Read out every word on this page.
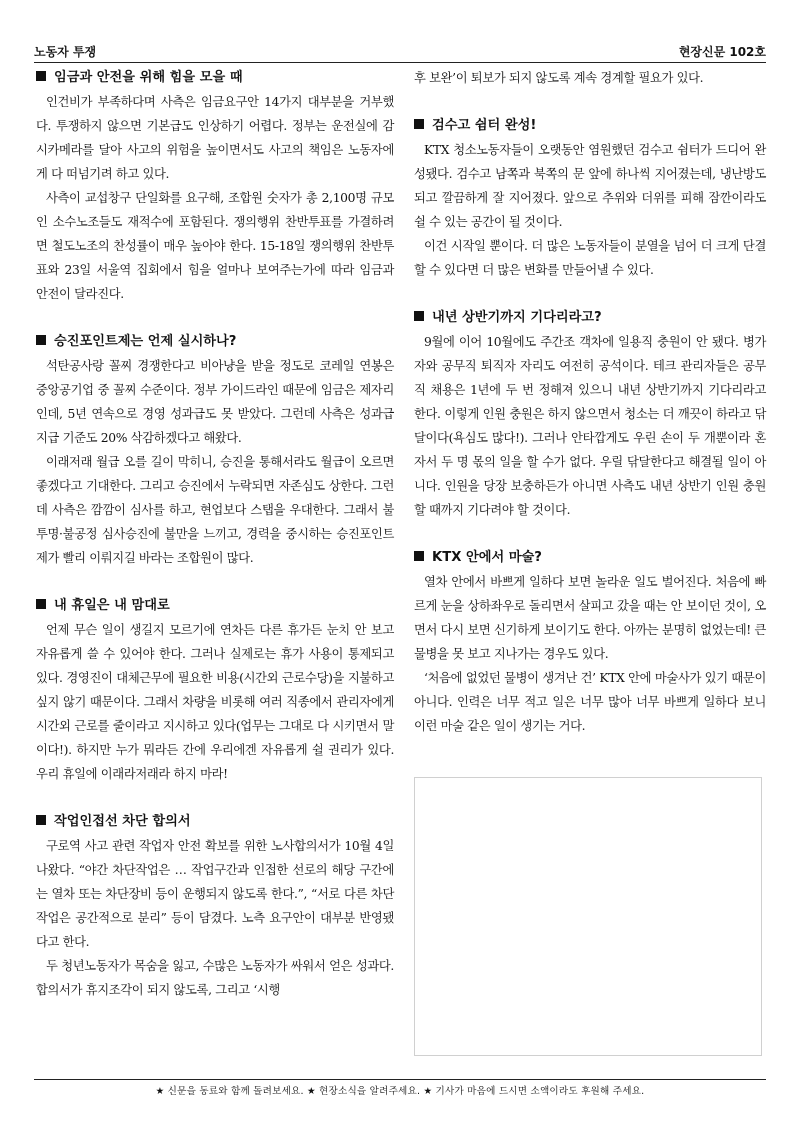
노동자 투쟁	현장신문 102호

임금과 안전을 위해 힘을 모을 때

인건비가 부족하다며 사측은 임금요구안 14가지 대부분을 거부했다. 투쟁하지 않으면 기본급도 인상하기 어렵다. 정부는 운전실에 감시카메라를 달아 사고의 위험을 높이면서도 사고의 책임은 노동자에게 다 떠넘기려 하고 있다.

사측이 교섭창구 단일화를 요구해, 조합원 숫자가 총 2,100명 규모인 소수노조들도 재적수에 포함된다. 쟁의행위 찬반투표를 가결하려면 철도노조의 찬성률이 매우 높아야 한다. 15-18일 쟁의행위 찬반투표와 23일 서울역 집회에서 힘을 얼마나 보여주는가에 따라 임금과 안전이 달라진다.

승진포인트제는 언제 실시하나?

석탄공사랑 꼴찌 경쟁한다고 비아냥을 받을 정도로 코레일 연봉은 중앙공기업 중 꼴찌 수준이다. 정부 가이드라인 때문에 임금은 제자리인데, 5년 연속으로 경영 성과급도 못 받았다. 그런데 사측은 성과급 지급 기준도 20% 삭감하겠다고 해왔다.

이래저래 월급 오를 길이 막히니, 승진을 통해서라도 월급이 오르면 좋겠다고 기대한다. 그리고 승진에서 누락되면 자존심도 상한다. 그런데 사측은 깜깜이 심사를 하고, 현업보다 스탭을 우대한다. 그래서 불투명·불공정 심사승진에 불만을 느끼고, 경력을 중시하는 승진포인트제가 빨리 이뤄지길 바라는 조합원이 많다.

내 휴일은 내 맘대로

언제 무슨 일이 생길지 모르기에 연차든 다른 휴가든 눈치 안 보고 자유롭게 쓸 수 있어야 한다. 그러나 실제로는 휴가 사용이 통제되고 있다. 경영진이 대체근무에 필요한 비용(시간외 근로수당)을 지불하고 싶지 않기 때문이다. 그래서 차량을 비롯해 여러 직종에서 관리자에게 시간외 근로를 줄이라고 지시하고 있다(업무는 그대로 다 시키면서 말이다!). 하지만 누가 뭐라든 간에 우리에겐 자유롭게 쉴 권리가 있다. 우리 휴일에 이래라저래라 하지 마라!

작업인접선 차단 합의서

구로역 사고 관련 작업자 안전 확보를 위한 노사합의서가 10월 4일 나왔다. “야간 차단작업은 … 작업구간과 인접한 선로의 해당 구간에는 열차 또는 차단장비 등이 운행되지 않도록 한다.”, “서로 다른 차단작업은 공간적으로 분리” 등이 담겼다. 노측 요구안이 대부분 반영됐다고 한다.

두 청년노동자가 목숨을 잃고, 수많은 노동자가 싸워서 얻은 성과다. 합의서가 휴지조각이 되지 않도록, 그리고 ‘시행

후 보완’이 퇴보가 되지 않도록 계속 경계할 필요가 있다.

검수고 쉼터 완성!

KTX 청소노동자들이 오랫동안 염원했던 검수고 쉼터가 드디어 완성됐다. 검수고 남쪽과 북쪽의 문 앞에 하나씩 지어졌는데, 냉난방도 되고 깔끔하게 잘 지어졌다. 앞으로 추위와 더위를 피해 잠깐이라도 쉴 수 있는 공간이 될 것이다.

이건 시작일 뿐이다. 더 많은 노동자들이 분열을 넘어 더 크게 단결할 수 있다면 더 많은 변화를 만들어낼 수 있다.

내년 상반기까지 기다리라고?

9월에 이어 10월에도 주간조 객차에 일용직 충원이 안 됐다. 병가자와 공무직 퇴직자 자리도 여전히 공석이다. 테크 관리자들은 공무직 채용은 1년에 두 번 정해져 있으니 내년 상반기까지 기다리라고 한다. 이렇게 인원 충원은 하지 않으면서 청소는 더 깨끗이 하라고 닦달이다(욕심도 많다!). 그러나 안타깝게도 우린 손이 두 개뿐이라 혼자서 두 명 몫의 일을 할 수가 없다. 우릴 닦달한다고 해결될 일이 아니다. 인원을 당장 보충하든가 아니면 사측도 내년 상반기 인원 충원할 때까지 기다려야 할 것이다.

KTX 안에서 마술?

열차 안에서 바쁘게 일하다 보면 놀라운 일도 벌어진다. 처음에 빠르게 눈을 상하좌우로 돌리면서 살피고 갔을 때는 안 보이던 것이, 오면서 다시 보면 신기하게 보이기도 한다. 아까는 분명히 없었는데! 큰 물병을 못 보고 지나가는 경우도 있다.

‘처음에 없었던 물병이 생겨난 건’ KTX 안에 마술사가 있기 때문이 아니다. 인력은 너무 적고 일은 너무 많아 너무 바쁘게 일하다 보니 이런 마술 같은 일이 생기는 거다.

★ 신문을 동료와 함께 돌려보세요. ★ 현장소식을 알려주세요. ★ 기사가 마음에 드시면 소액이라도 후원해 주세요.
